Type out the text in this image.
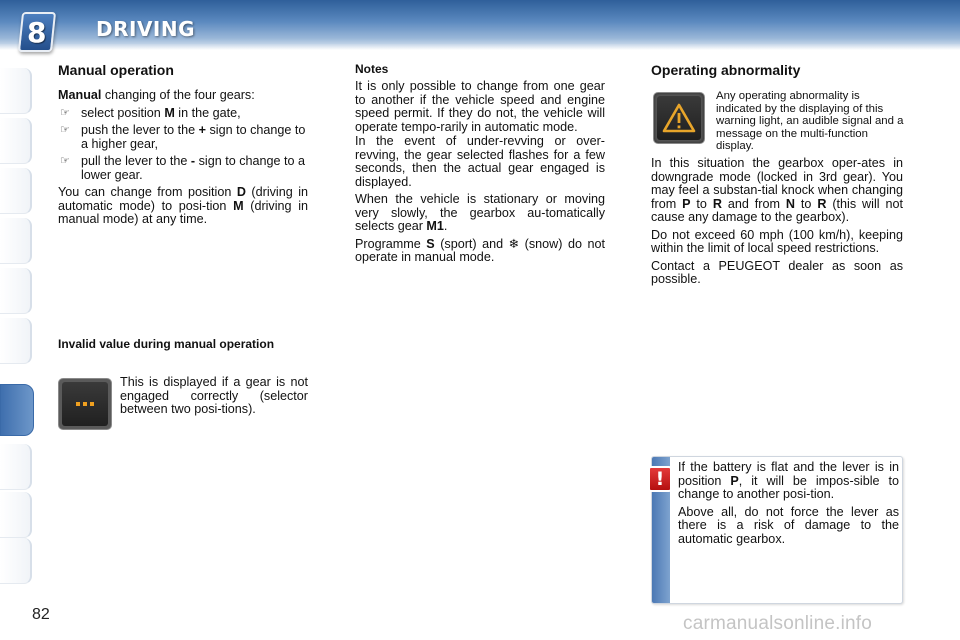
8 DRIVING
Manual operation
Manual changing of the four gears:
☞ select position M in the gate,
☞ push the lever to the + sign to change to a higher gear,
☞ pull the lever to the - sign to change to a lower gear.
You can change from position D (driving in automatic mode) to posi-tion M (driving in manual mode) at any time.
Invalid value during manual operation
This is displayed if a gear is not engaged correctly (selector between two posi-tions).
Notes
It is only possible to change from one gear to another if the vehicle speed and engine speed permit. If they do not, the vehicle will operate tempo-rarily in automatic mode.
In the event of under-revving or over-revving, the gear selected flashes for a few seconds, then the actual gear engaged is displayed.
When the vehicle is stationary or moving very slowly, the gearbox au-tomatically selects gear M1.
Programme S (sport) and ❄ (snow) do not operate in manual mode.
Operating abnormality
Any operating abnormality is indicated by the displaying of this warning light, an audible signal and a message on the multi-function display.
In this situation the gearbox oper-ates in downgrade mode (locked in 3rd gear). You may feel a substan-tial knock when changing from P to R and from N to R (this will not cause any damage to the gearbox).
Do not exceed 60 mph (100 km/h), keeping within the limit of local speed restrictions.
Contact a PEUGEOT dealer as soon as possible.
!
If the battery is flat and the lever is in position P, it will be impos-sible to change to another posi-tion.
Above all, do not force the lever as there is a risk of damage to the automatic gearbox.
82	carmanualsonline.info
